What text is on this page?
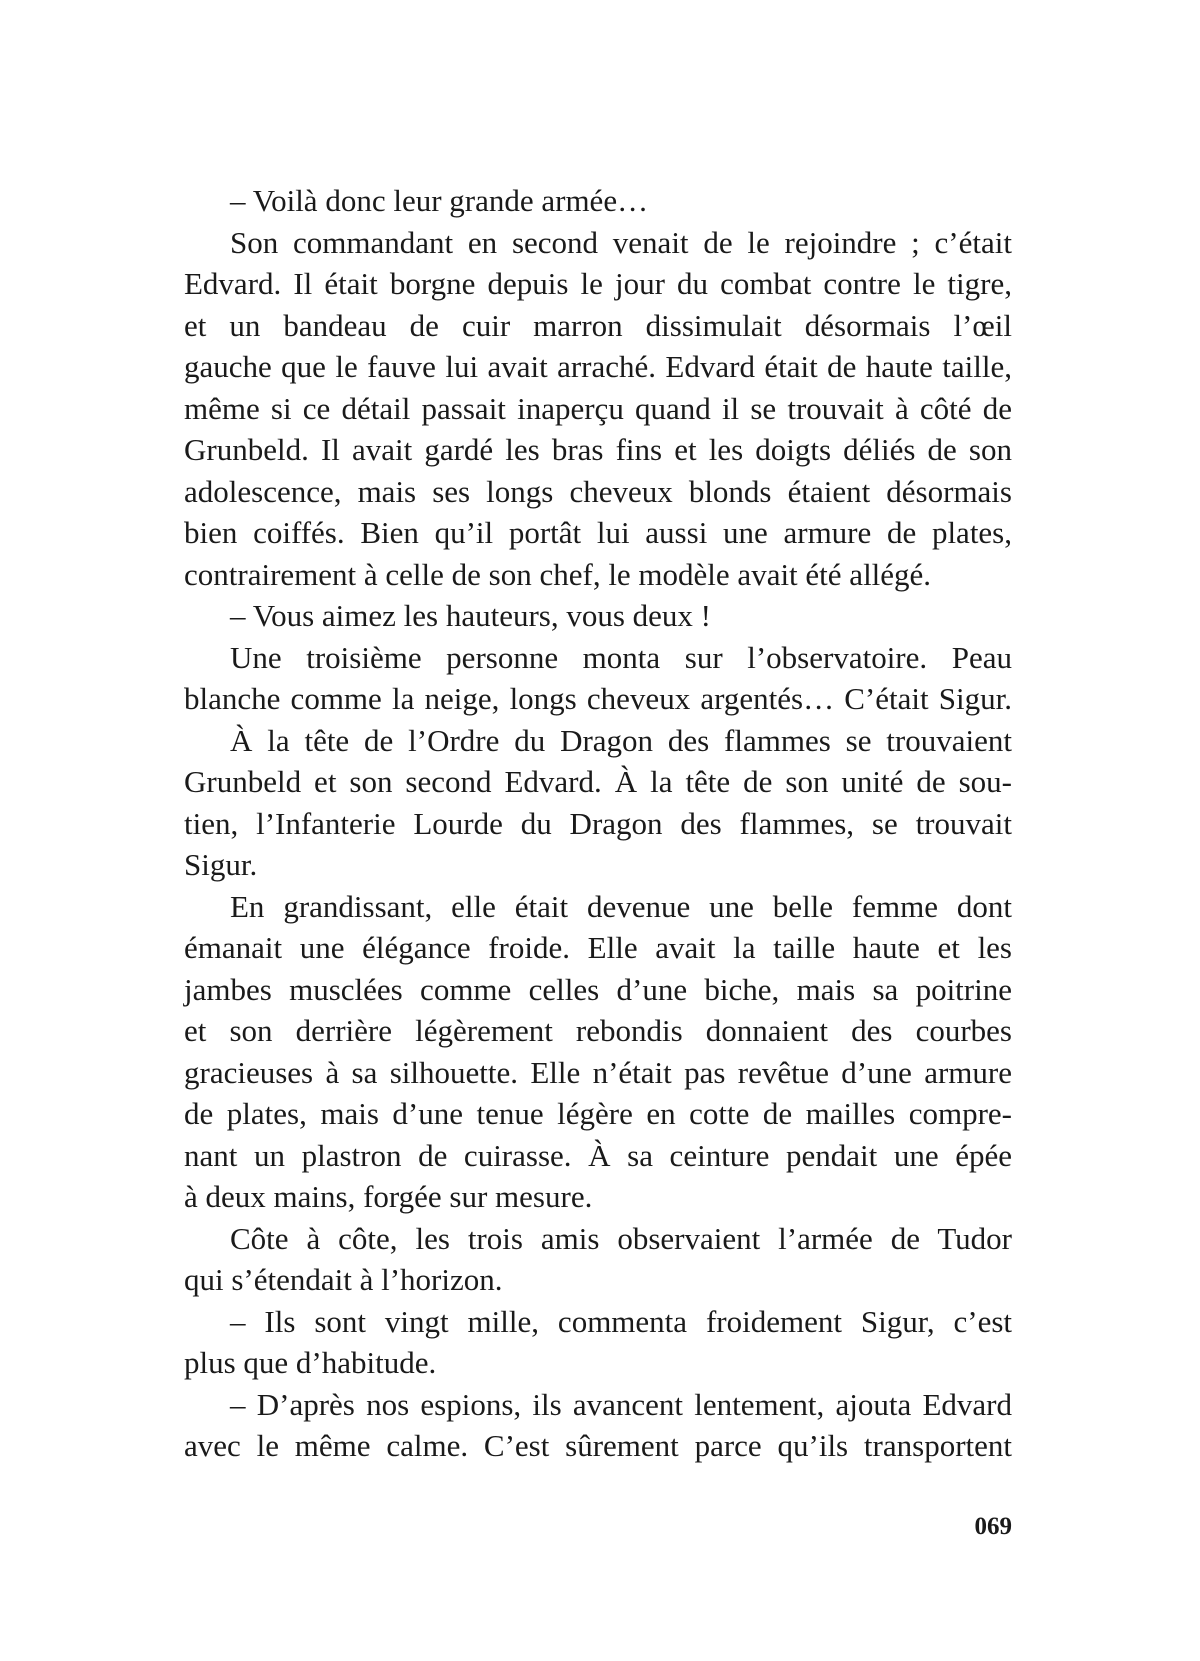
– Voilà donc leur grande armée…
Son commandant en second venait de le rejoindre ; c’était
Edvard. Il était borgne depuis le jour du combat contre le tigre,
et un bandeau de cuir marron dissimulait désormais l’œil
gauche que le fauve lui avait arraché. Edvard était de haute taille,
même si ce détail passait inaperçu quand il se trouvait à côté de
Grunbeld. Il avait gardé les bras fins et les doigts déliés de son
adolescence, mais ses longs cheveux blonds étaient désormais
bien coiffés. Bien qu’il portât lui aussi une armure de plates,
contrairement à celle de son chef, le modèle avait été allégé.
– Vous aimez les hauteurs, vous deux !
Une troisième personne monta sur l’observatoire. Peau
blanche comme la neige, longs cheveux argentés… C’était Sigur.
À la tête de l’Ordre du Dragon des flammes se trouvaient
Grunbeld et son second Edvard. À la tête de son unité de sou-
tien, l’Infanterie Lourde du Dragon des flammes, se trouvait
Sigur.
En grandissant, elle était devenue une belle femme dont
émanait une élégance froide. Elle avait la taille haute et les
jambes musclées comme celles d’une biche, mais sa poitrine
et son derrière légèrement rebondis donnaient des courbes
gracieuses à sa silhouette. Elle n’était pas revêtue d’une armure
de plates, mais d’une tenue légère en cotte de mailles compre-
nant un plastron de cuirasse. À sa ceinture pendait une épée
à deux mains, forgée sur mesure.
Côte à côte, les trois amis observaient l’armée de Tudor
qui s’étendait à l’horizon.
– Ils sont vingt mille, commenta froidement Sigur, c’est
plus que d’habitude.
– D’après nos espions, ils avancent lentement, ajouta Edvard
avec le même calme. C’est sûrement parce qu’ils transportent
069
